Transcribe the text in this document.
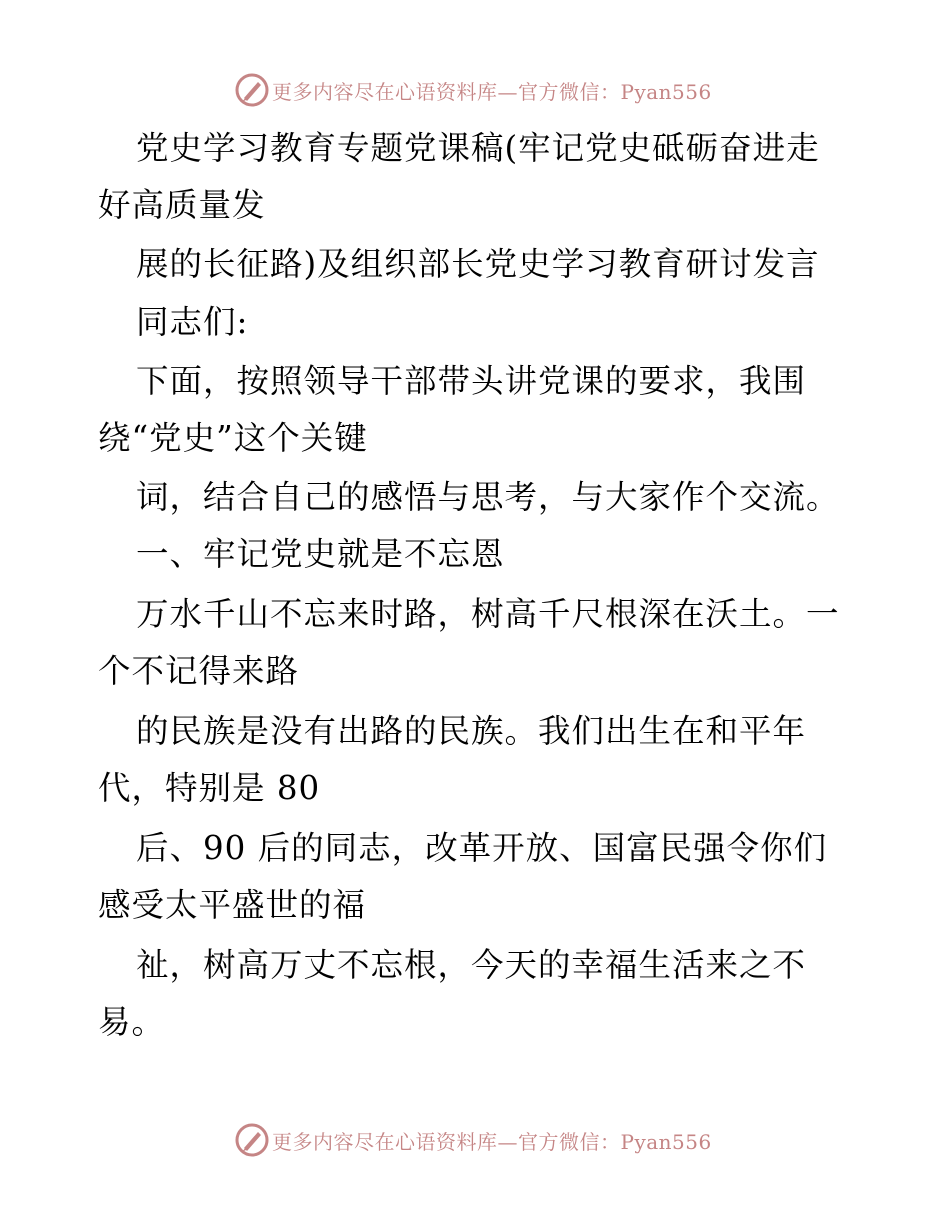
更多内容尽在心语资料库—官方微信：Pyan556
党史学习教育专题党课稿(牢记党史砥砺奋进走
好高质量发
展的长征路)及组织部长党史学习教育研讨发言
同志们:
下面，按照领导干部带头讲党课的要求，我围
绕“党史”这个关键
词，结合自己的感悟与思考，与大家作个交流。
一、牢记党史就是不忘恩
万水千山不忘来时路，树高千尺根深在沃土。一
个不记得来路
的民族是没有出路的民族。我们出生在和平年
代，特别是 80
后、90 后的同志，改革开放、国富民强令你们
感受太平盛世的福
祉，树高万丈不忘根，今天的幸福生活来之不
易。
更多内容尽在心语资料库—官方微信：Pyan556
